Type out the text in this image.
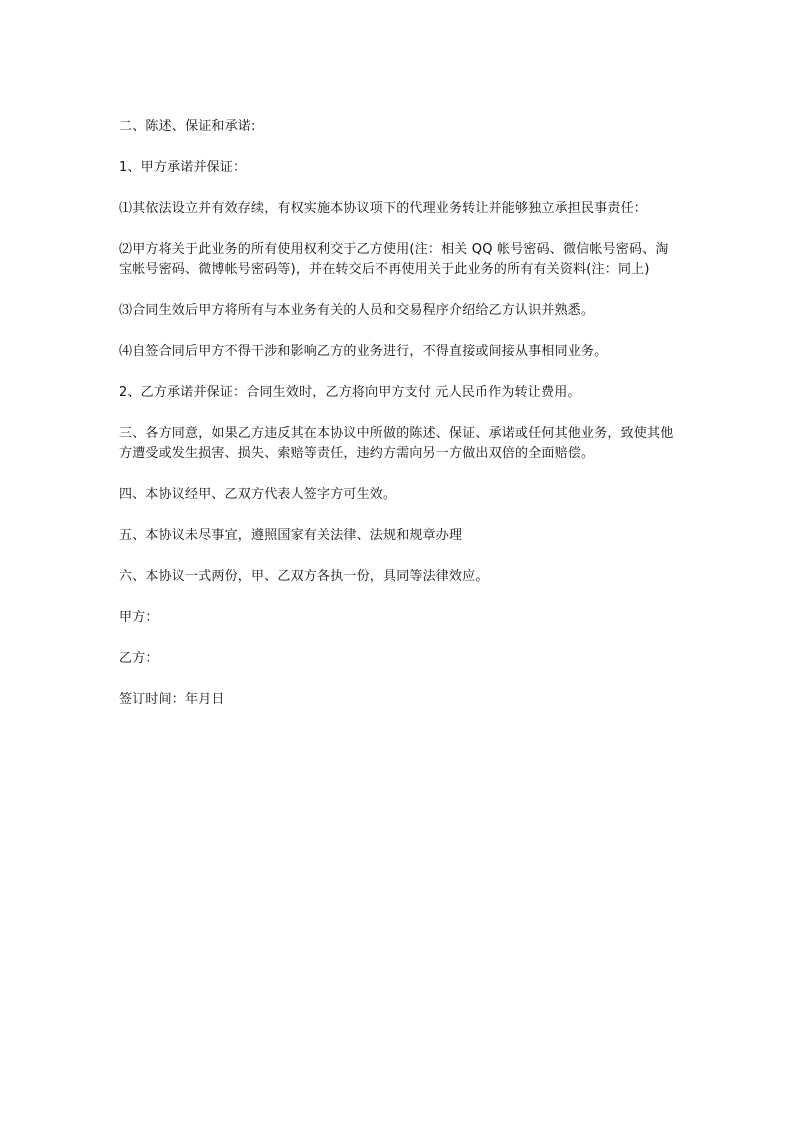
二、陈述、保证和承诺:

1、甲方承诺并保证：

⑴其依法设立并有效存续，有权实施本协议项下的代理业务转让并能够独立承担民事责任：

⑵甲方将关于此业务的所有使用权利交于乙方使用(注：相关 QQ 帐号密码、微信帐号密码、淘宝帐号密码、微博帐号密码等)，并在转交后不再使用关于此业务的所有有关资料(注：同上)

⑶合同生效后甲方将所有与本业务有关的人员和交易程序介绍给乙方认识并熟悉。

⑷自签合同后甲方不得干涉和影响乙方的业务进行，不得直接或间接从事相同业务。

2、乙方承诺并保证：合同生效时，乙方将向甲方支付 元人民币作为转让费用。

三、各方同意，如果乙方违反其在本协议中所做的陈述、保证、承诺或任何其他业务，致使其他方遭受或发生损害、损失、索赔等责任，违约方需向另一方做出双倍的全面赔偿。

四、本协议经甲、乙双方代表人签字方可生效。

五、本协议未尽事宜，遵照国家有关法律、法规和规章办理

六、本协议一式两份，甲、乙双方各执一份，具同等法律效应。

甲方：

乙方：

签订时间：年月日
